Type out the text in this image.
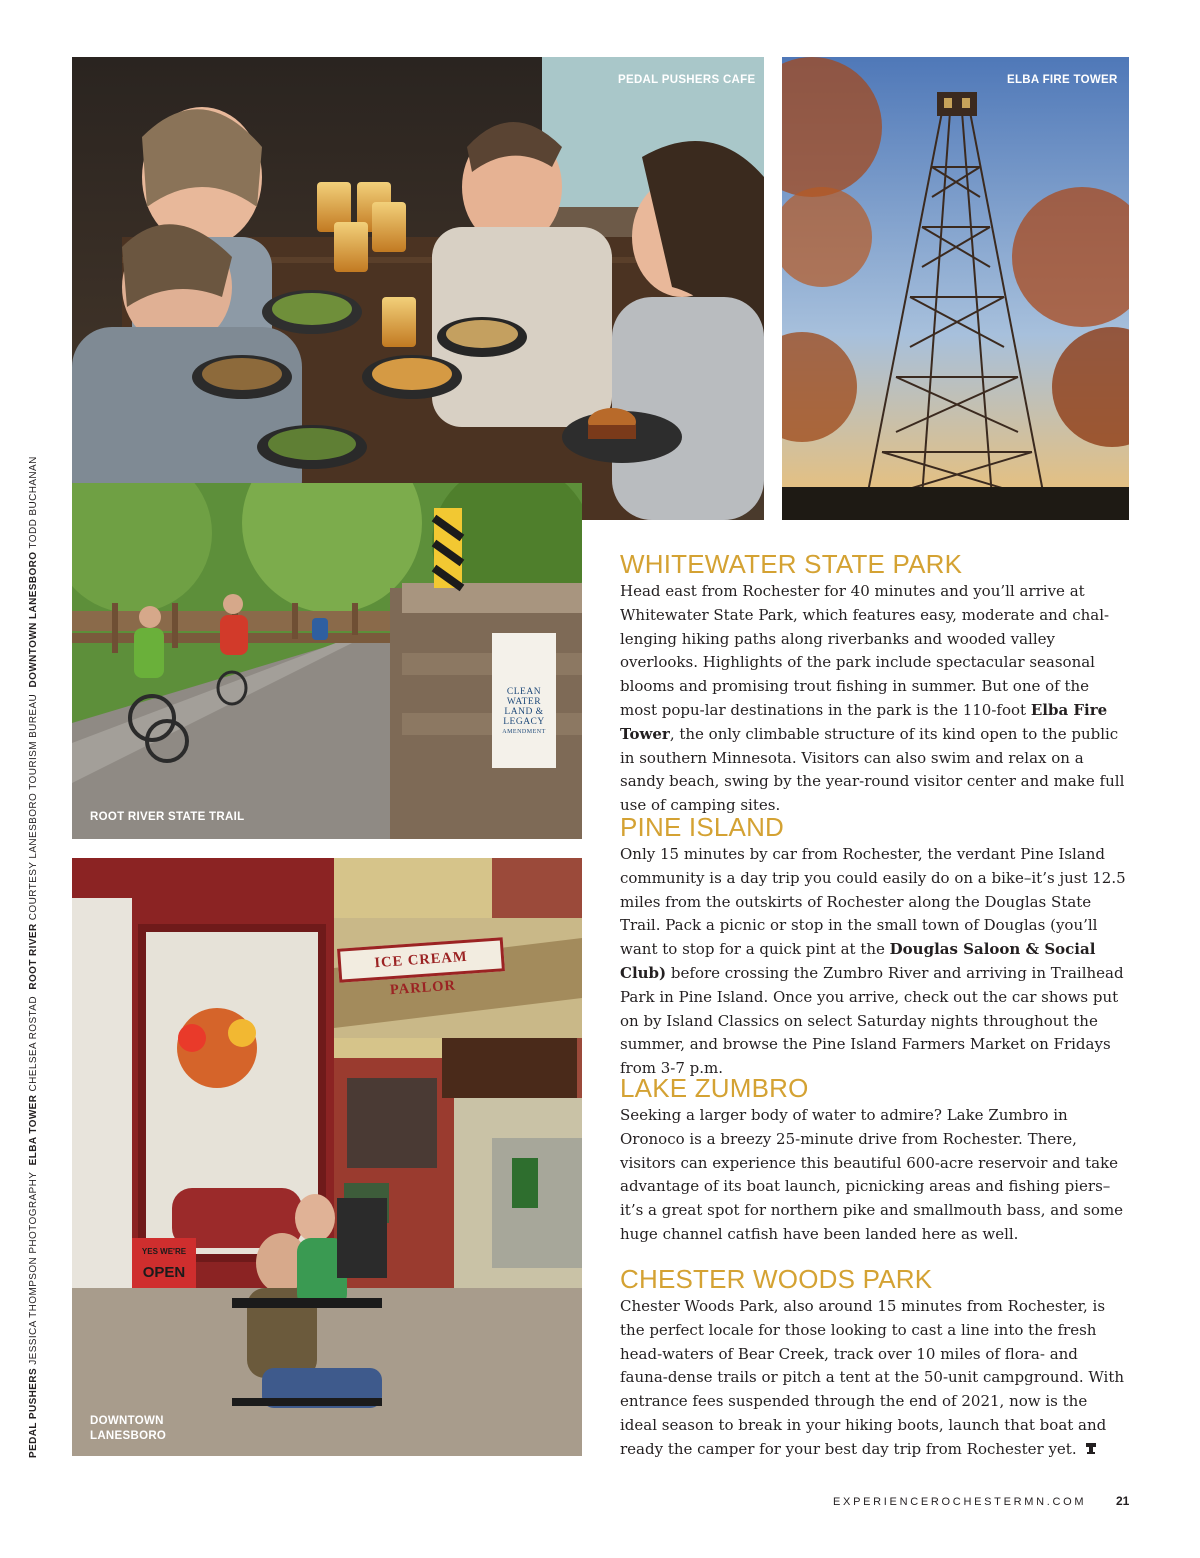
PEDAL PUSHERS JESSICA THOMPSON PHOTOGRAPHY  ELBA TOWER CHELSEA ROSTAD  ROOT RIVER COURTESY LANESBORO TOURISM BUREAU  DOWNTOWN LANESBORO TODD BUCHANAN
PEDAL PUSHERS CAFE	ELBA FIRE TOWER
CLEAN
WATER
LAND &
LEGACY
AMENDMENT
ROOT RIVER STATE TRAIL
ICE CREAM PARLOR
YES WE'RE
OPEN
DOWNTOWN LANESBORO
WHITEWATER STATE PARK
Head east from Rochester for 40 minutes and you’ll arrive at Whitewater State Park, which features easy, moderate and chal-lenging hiking paths along riverbanks and wooded valley overlooks. Highlights of the park include spectacular seasonal blooms and promising trout fishing in summer. But one of the most popu-lar destinations in the park is the 110-foot Elba Fire Tower, the only climbable structure of its kind open to the public in southern Minnesota. Visitors can also swim and relax on a sandy beach, swing by the year-round visitor center and make full use of camping sites.
PINE ISLAND
Only 15 minutes by car from Rochester, the verdant Pine Island community is a day trip you could easily do on a bike–it’s just 12.5 miles from the outskirts of Rochester along the Douglas State Trail. Pack a picnic or stop in the small town of Douglas (you’ll want to stop for a quick pint at the Douglas Saloon & Social Club) before crossing the Zumbro River and arriving in Trailhead Park in Pine Island. Once you arrive, check out the car shows put on by Island Classics on select Saturday nights throughout the summer, and browse the Pine Island Farmers Market on Fridays from 3-7 p.m.
LAKE ZUMBRO
Seeking a larger body of water to admire? Lake Zumbro in Oronoco is a breezy 25-minute drive from Rochester. There, visitors can experience this beautiful 600-acre reservoir and take advantage of its boat launch, picnicking areas and fishing piers–it’s a great spot for northern pike and smallmouth bass, and some huge channel catfish have been landed here as well.
CHESTER WOODS PARK
Chester Woods Park, also around 15 minutes from Rochester, is the perfect locale for those looking to cast a line into the fresh head-waters of Bear Creek, track over 10 miles of flora- and fauna-dense trails or pitch a tent at the 50-unit campground. With entrance fees suspended through the end of 2021, now is the ideal season to break in your hiking boots, launch that boat and ready the camper for your best day trip from Rochester yet.
EXPERIENCEROCHESTERMN.COM 21
